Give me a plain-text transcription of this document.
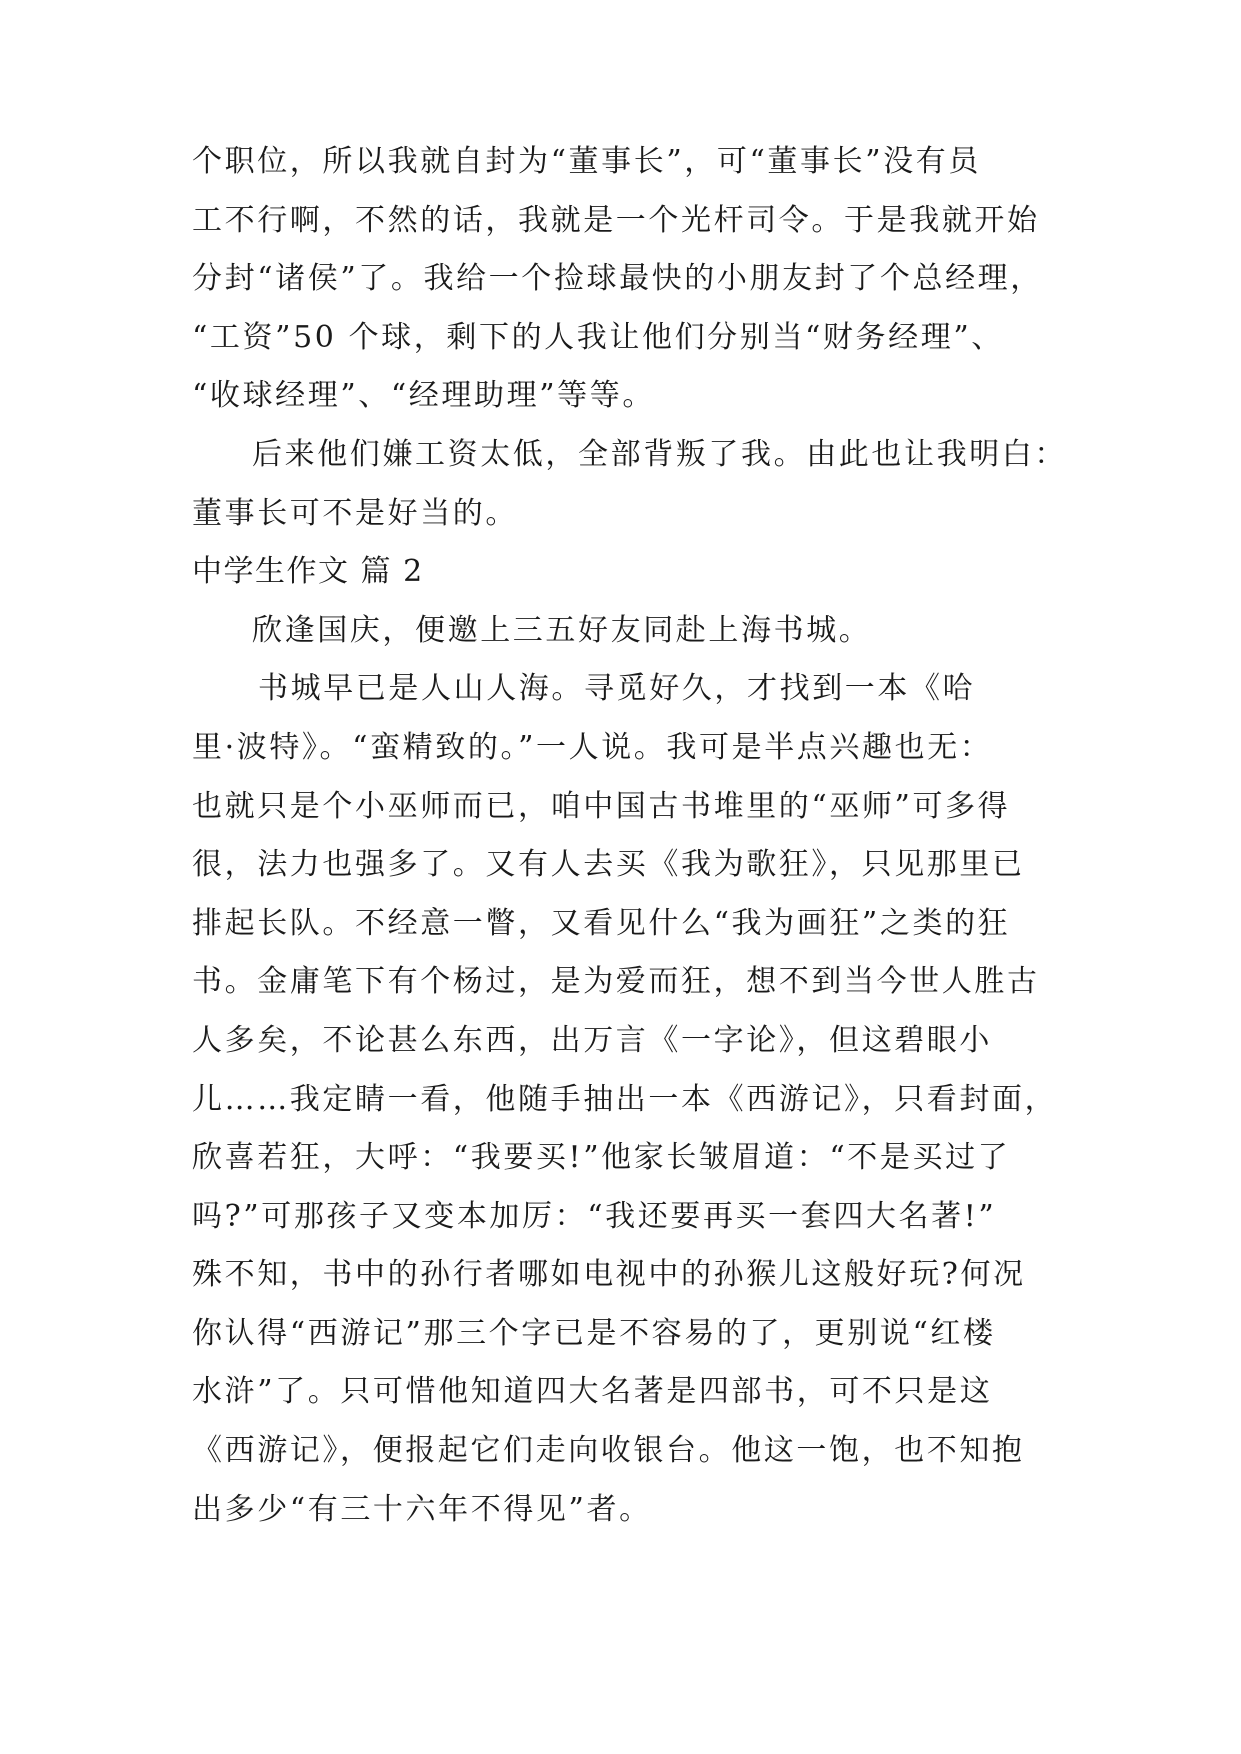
个职位，所以我就自封为“董事长”，可“董事长”没有员
工不行啊，不然的话，我就是一个光杆司令。于是我就开始
分封“诸侯”了。我给一个捡球最快的小朋友封了个总经理，
“工资”50 个球，剩下的人我让他们分别当“财务经理”、
“收球经理”、“经理助理”等等。
后来他们嫌工资太低，全部背叛了我。由此也让我明白：
董事长可不是好当的。
中学生作文 篇 2
欣逢国庆，便邀上三五好友同赴上海书城。
书城早已是人山人海。寻觅好久，才找到一本《哈
里·波特》。“蛮精致的。”一人说。我可是半点兴趣也无：
也就只是个小巫师而已，咱中国古书堆里的“巫师”可多得
很，法力也强多了。又有人去买《我为歌狂》，只见那里已
排起长队。不经意一瞥，又看见什么“我为画狂”之类的狂
书。金庸笔下有个杨过，是为爱而狂，想不到当今世人胜古
人多矣，不论甚么东西，出万言《一字论》，但这碧眼小
儿……我定睛一看，他随手抽出一本《西游记》，只看封面，
欣喜若狂，大呼：“我要买!”他家长皱眉道：“不是买过了
吗?”可那孩子又变本加厉：“我还要再买一套四大名著!”
殊不知，书中的孙行者哪如电视中的孙猴儿这般好玩?何况
你认得“西游记”那三个字已是不容易的了，更别说“红楼
水浒”了。只可惜他知道四大名著是四部书，可不只是这
《西游记》，便报起它们走向收银台。他这一饱，也不知抱
出多少“有三十六年不得见”者。
